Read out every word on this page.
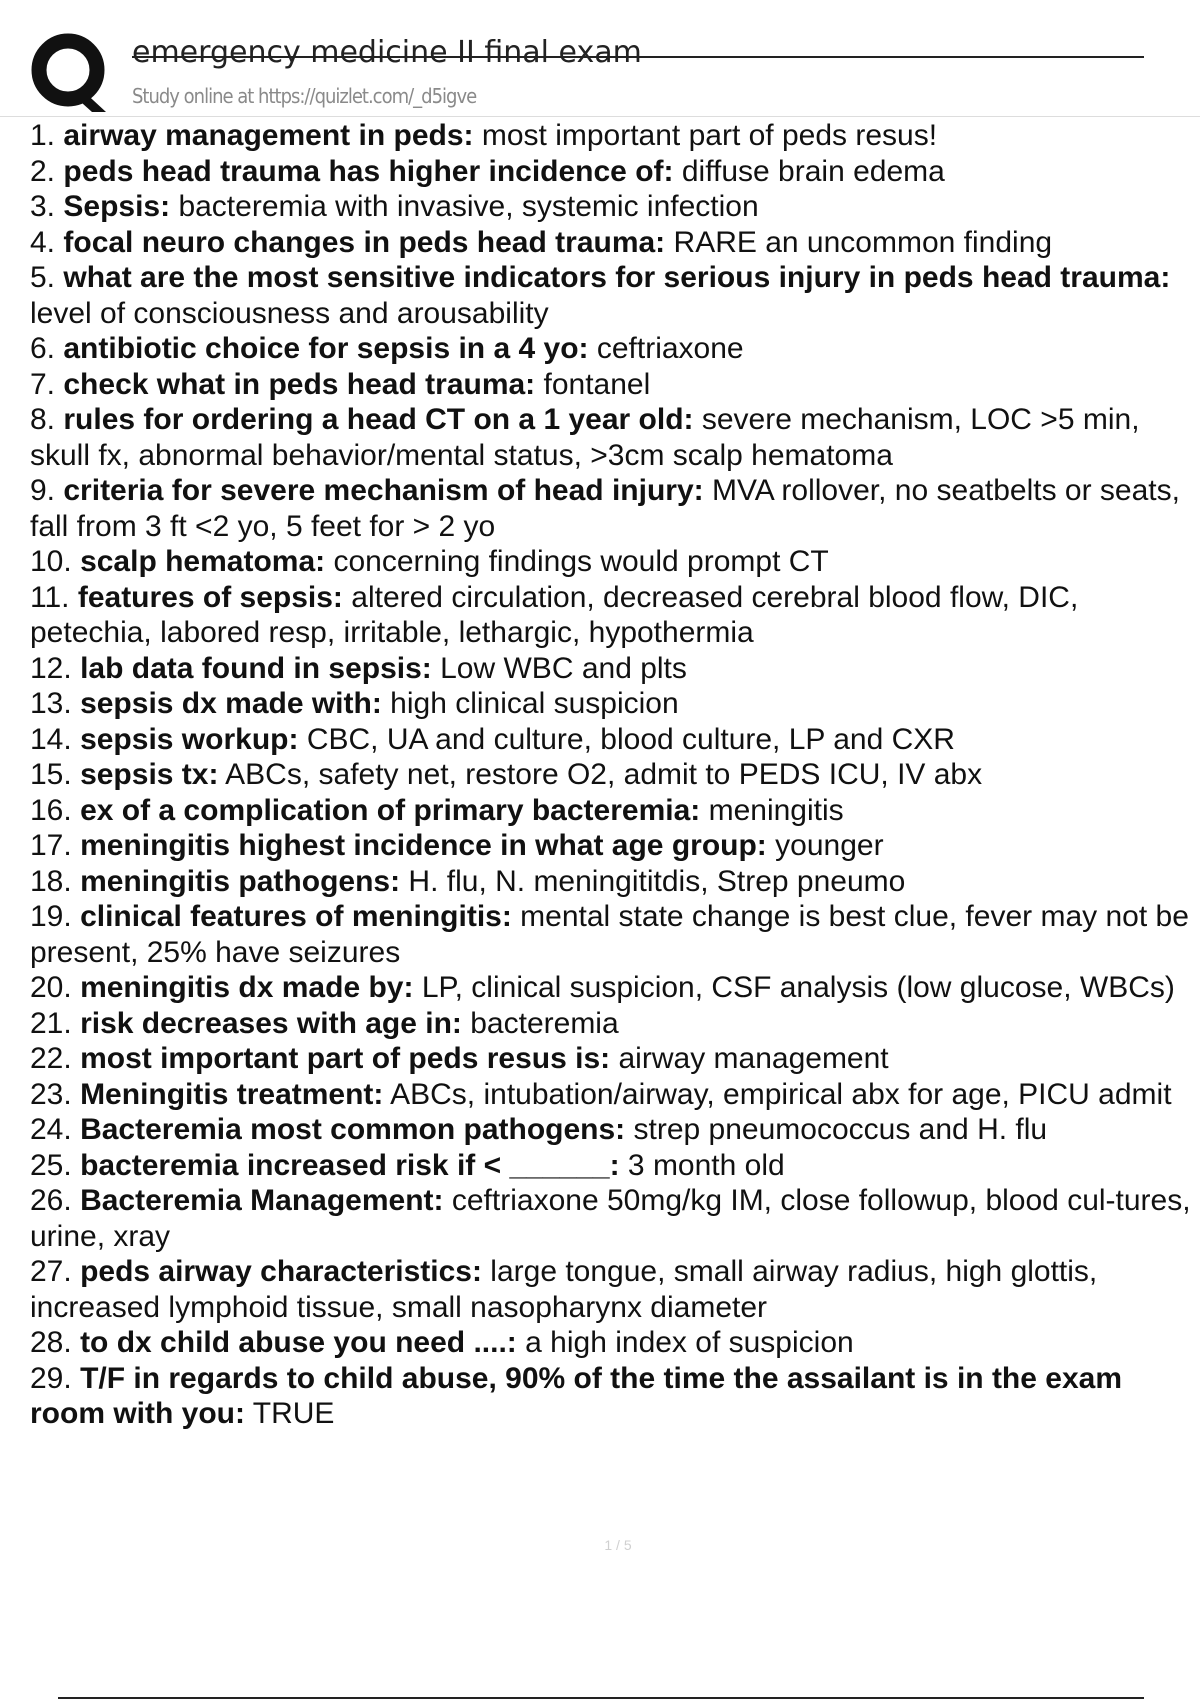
emergency medicine II final exam
Study online at https://quizlet.com/_d5igve
1. airway management in peds: most important part of peds resus!
2. peds head trauma has higher incidence of: diffuse brain edema
3. Sepsis: bacteremia with invasive, systemic infection
4. focal neuro changes in peds head trauma: RARE an uncommon finding
5. what are the most sensitive indicators for serious injury in peds head trauma: level of consciousness and arousability
6. antibiotic choice for sepsis in a 4 yo: ceftriaxone
7. check what in peds head trauma: fontanel
8. rules for ordering a head CT on a 1 year old: severe mechanism, LOC >5 min, skull fx, abnormal behavior/mental status, >3cm scalp hematoma
9. criteria for severe mechanism of head injury: MVA rollover, no seatbelts or seats, fall from 3 ft <2 yo, 5 feet for > 2 yo
10. scalp hematoma: concerning findings would prompt CT
11. features of sepsis: altered circulation, decreased cerebral blood flow, DIC, petechia, labored resp, irritable, lethargic, hypothermia
12. lab data found in sepsis: Low WBC and plts
13. sepsis dx made with: high clinical suspicion
14. sepsis workup: CBC, UA and culture, blood culture, LP and CXR
15. sepsis tx: ABCs, safety net, restore O2, admit to PEDS ICU, IV abx
16. ex of a complication of primary bacteremia: meningitis
17. meningitis highest incidence in what age group: younger
18. meningitis pathogens: H. flu, N. meningititdis, Strep pneumo
19. clinical features of meningitis: mental state change is best clue, fever may not be present, 25% have seizures
20. meningitis dx made by: LP, clinical suspicion, CSF analysis (low glucose, WBCs)
21. risk decreases with age in: bacteremia
22. most important part of peds resus is: airway management
23. Meningitis treatment: ABCs, intubation/airway, empirical abx for age, PICU admit
24. Bacteremia most common pathogens: strep pneumococcus and H. flu
25. bacteremia increased risk if < ______: 3 month old
26. Bacteremia Management: ceftriaxone 50mg/kg IM, close followup, blood cul-tures, urine, xray
27. peds airway characteristics: large tongue, small airway radius, high glottis, increased lymphoid tissue, small nasopharynx diameter
28. to dx child abuse you need ....: a high index of suspicion
29. T/F in regards to child abuse, 90% of the time the assailant is in the exam room with you: TRUE
1 / 5
